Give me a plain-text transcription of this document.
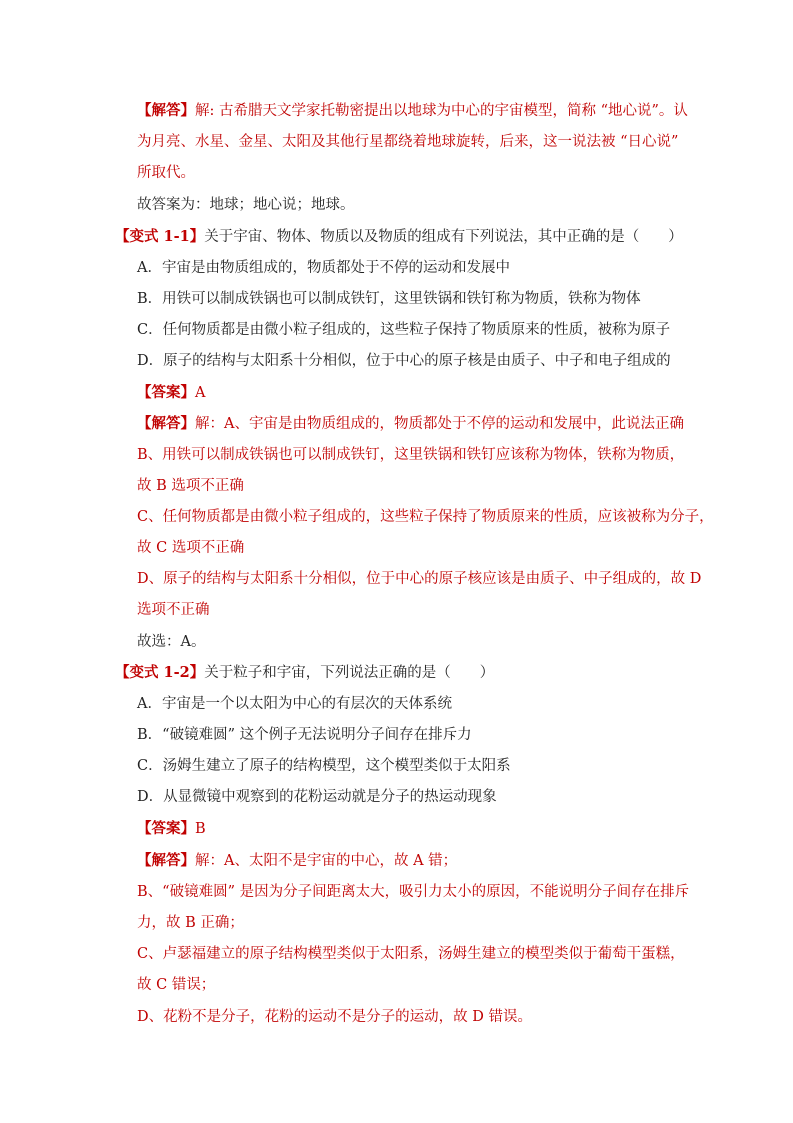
【解答】解: 古希腊天文学家托勒密提出以地球为中心的宇宙模型，简称 “地心说”。认
为月亮、水星、金星、太阳及其他行星都绕着地球旋转，后来，这一说法被 “日心说”
所取代。
故答案为：地球；地心说；地球。
【变式 1-1】关于宇宙、物体、物质以及物质的组成有下列说法，其中正确的是（　　）
A．宇宙是由物质组成的，物质都处于不停的运动和发展中
B．用铁可以制成铁锅也可以制成铁钉，这里铁锅和铁钉称为物质，铁称为物体
C．任何物质都是由微小粒子组成的，这些粒子保持了物质原来的性质，被称为原子
D．原子的结构与太阳系十分相似，位于中心的原子核是由质子、中子和电子组成的
【答案】A
【解答】解：A、宇宙是由物质组成的，物质都处于不停的运动和发展中，此说法正确
B、用铁可以制成铁锅也可以制成铁钉，这里铁锅和铁钉应该称为物体，铁称为物质，
故 B 选项不正确
C、任何物质都是由微小粒子组成的，这些粒子保持了物质原来的性质，应该被称为分子，
故 C 选项不正确
D、原子的结构与太阳系十分相似，位于中心的原子核应该是由质子、中子组成的，故 D
选项不正确
故选：A。
【变式 1-2】关于粒子和宇宙，下列说法正确的是（　　）
A．宇宙是一个以太阳为中心的有层次的天体系统
B．“破镜难圆” 这个例子无法说明分子间存在排斥力
C．汤姆生建立了原子的结构模型，这个模型类似于太阳系
D．从显微镜中观察到的花粉运动就是分子的热运动现象
【答案】B
【解答】解：A、太阳不是宇宙的中心，故 A 错；
B、“破镜难圆” 是因为分子间距离太大，吸引力太小的原因，不能说明分子间存在排斥
力，故 B 正确；
C、卢瑟福建立的原子结构模型类似于太阳系，汤姆生建立的模型类似于葡萄干蛋糕，
故 C 错误；
D、花粉不是分子，花粉的运动不是分子的运动，故 D 错误。
